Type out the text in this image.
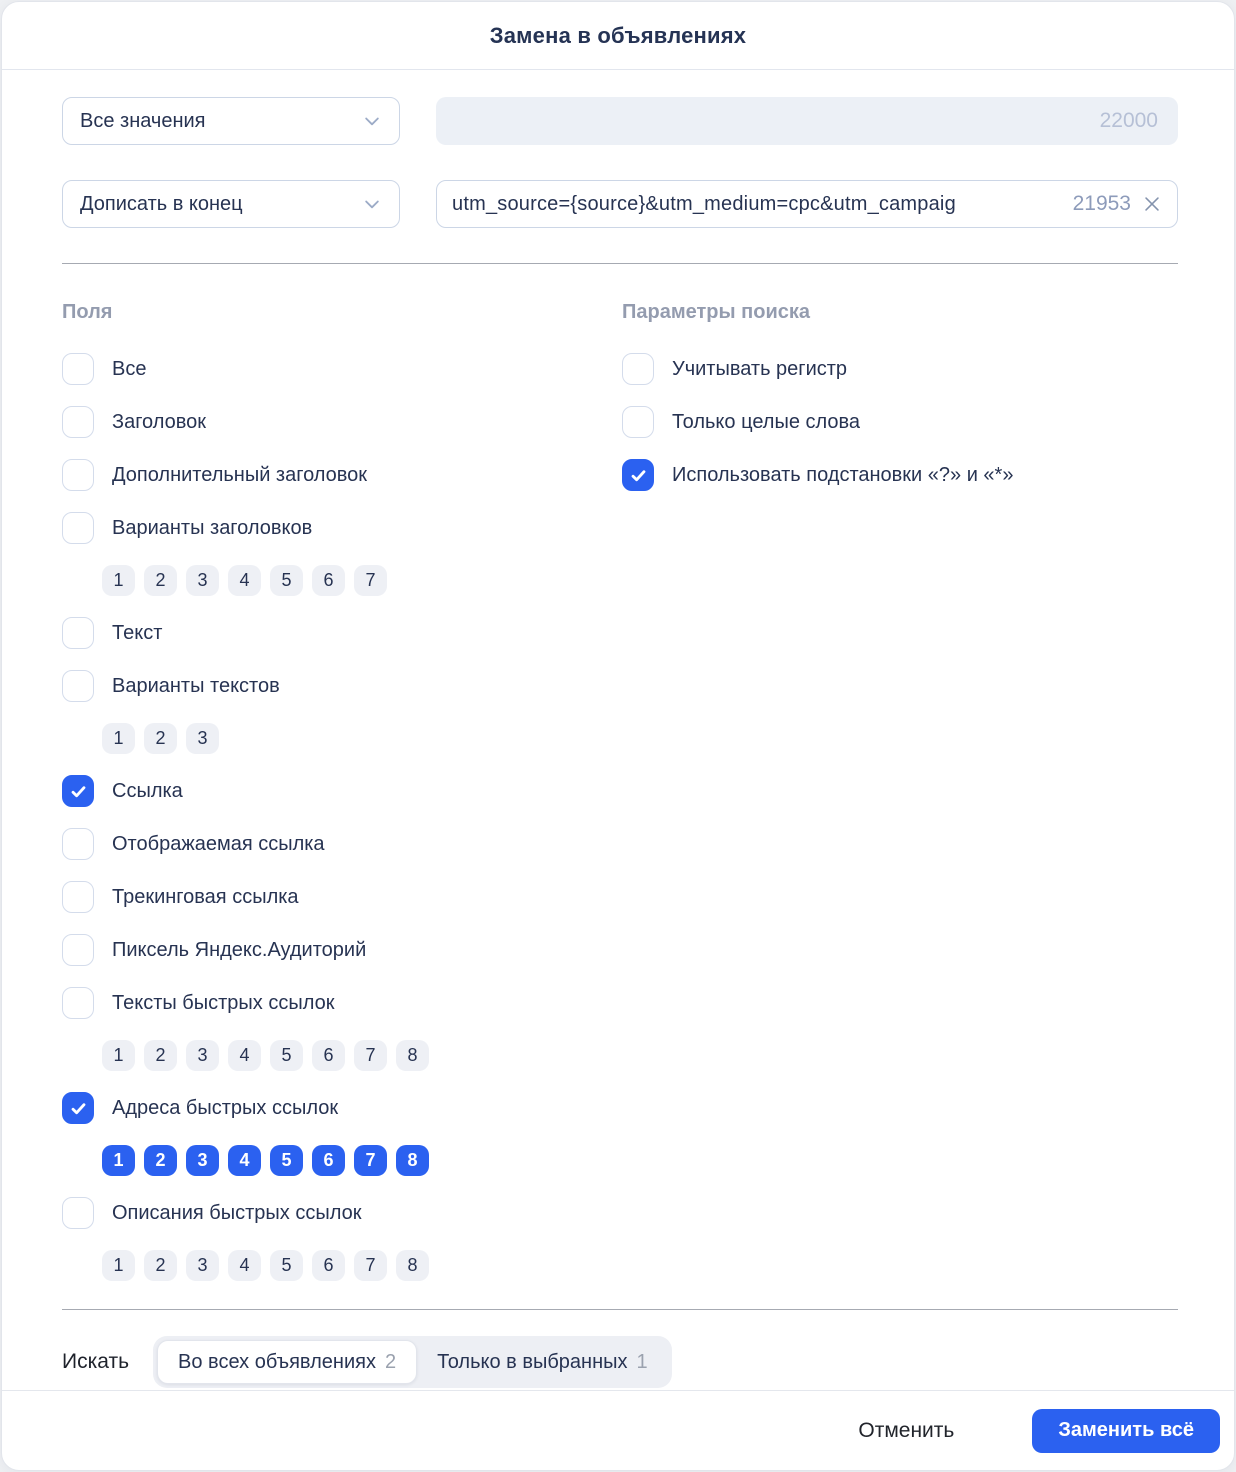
Замена в объявлениях
Все значения	22000
Дописать в конец	utm_source={source}&utm_medium=cpc&utm_campaig	21953
Поля
Все
Заголовок
Дополнительный заголовок
Варианты заголовков
1	2	3	4	5	6	7
Текст
Варианты текстов
1	2	3
Ссылка
Отображаемая ссылка
Трекинговая ссылка
Пиксель Яндекс.Аудиторий
Тексты быстрых ссылок
1	2	3	4	5	6	7	8
Адреса быстрых ссылок
1	2	3	4	5	6	7	8
Описания быстрых ссылок
1	2	3	4	5	6	7	8
Параметры поиска
Учитывать регистр
Только целые слова
Использовать подстановки «?» и «*»
Искать Во всех объявлениях 2 Только в выбранных 1
Отменить	Заменить всё
